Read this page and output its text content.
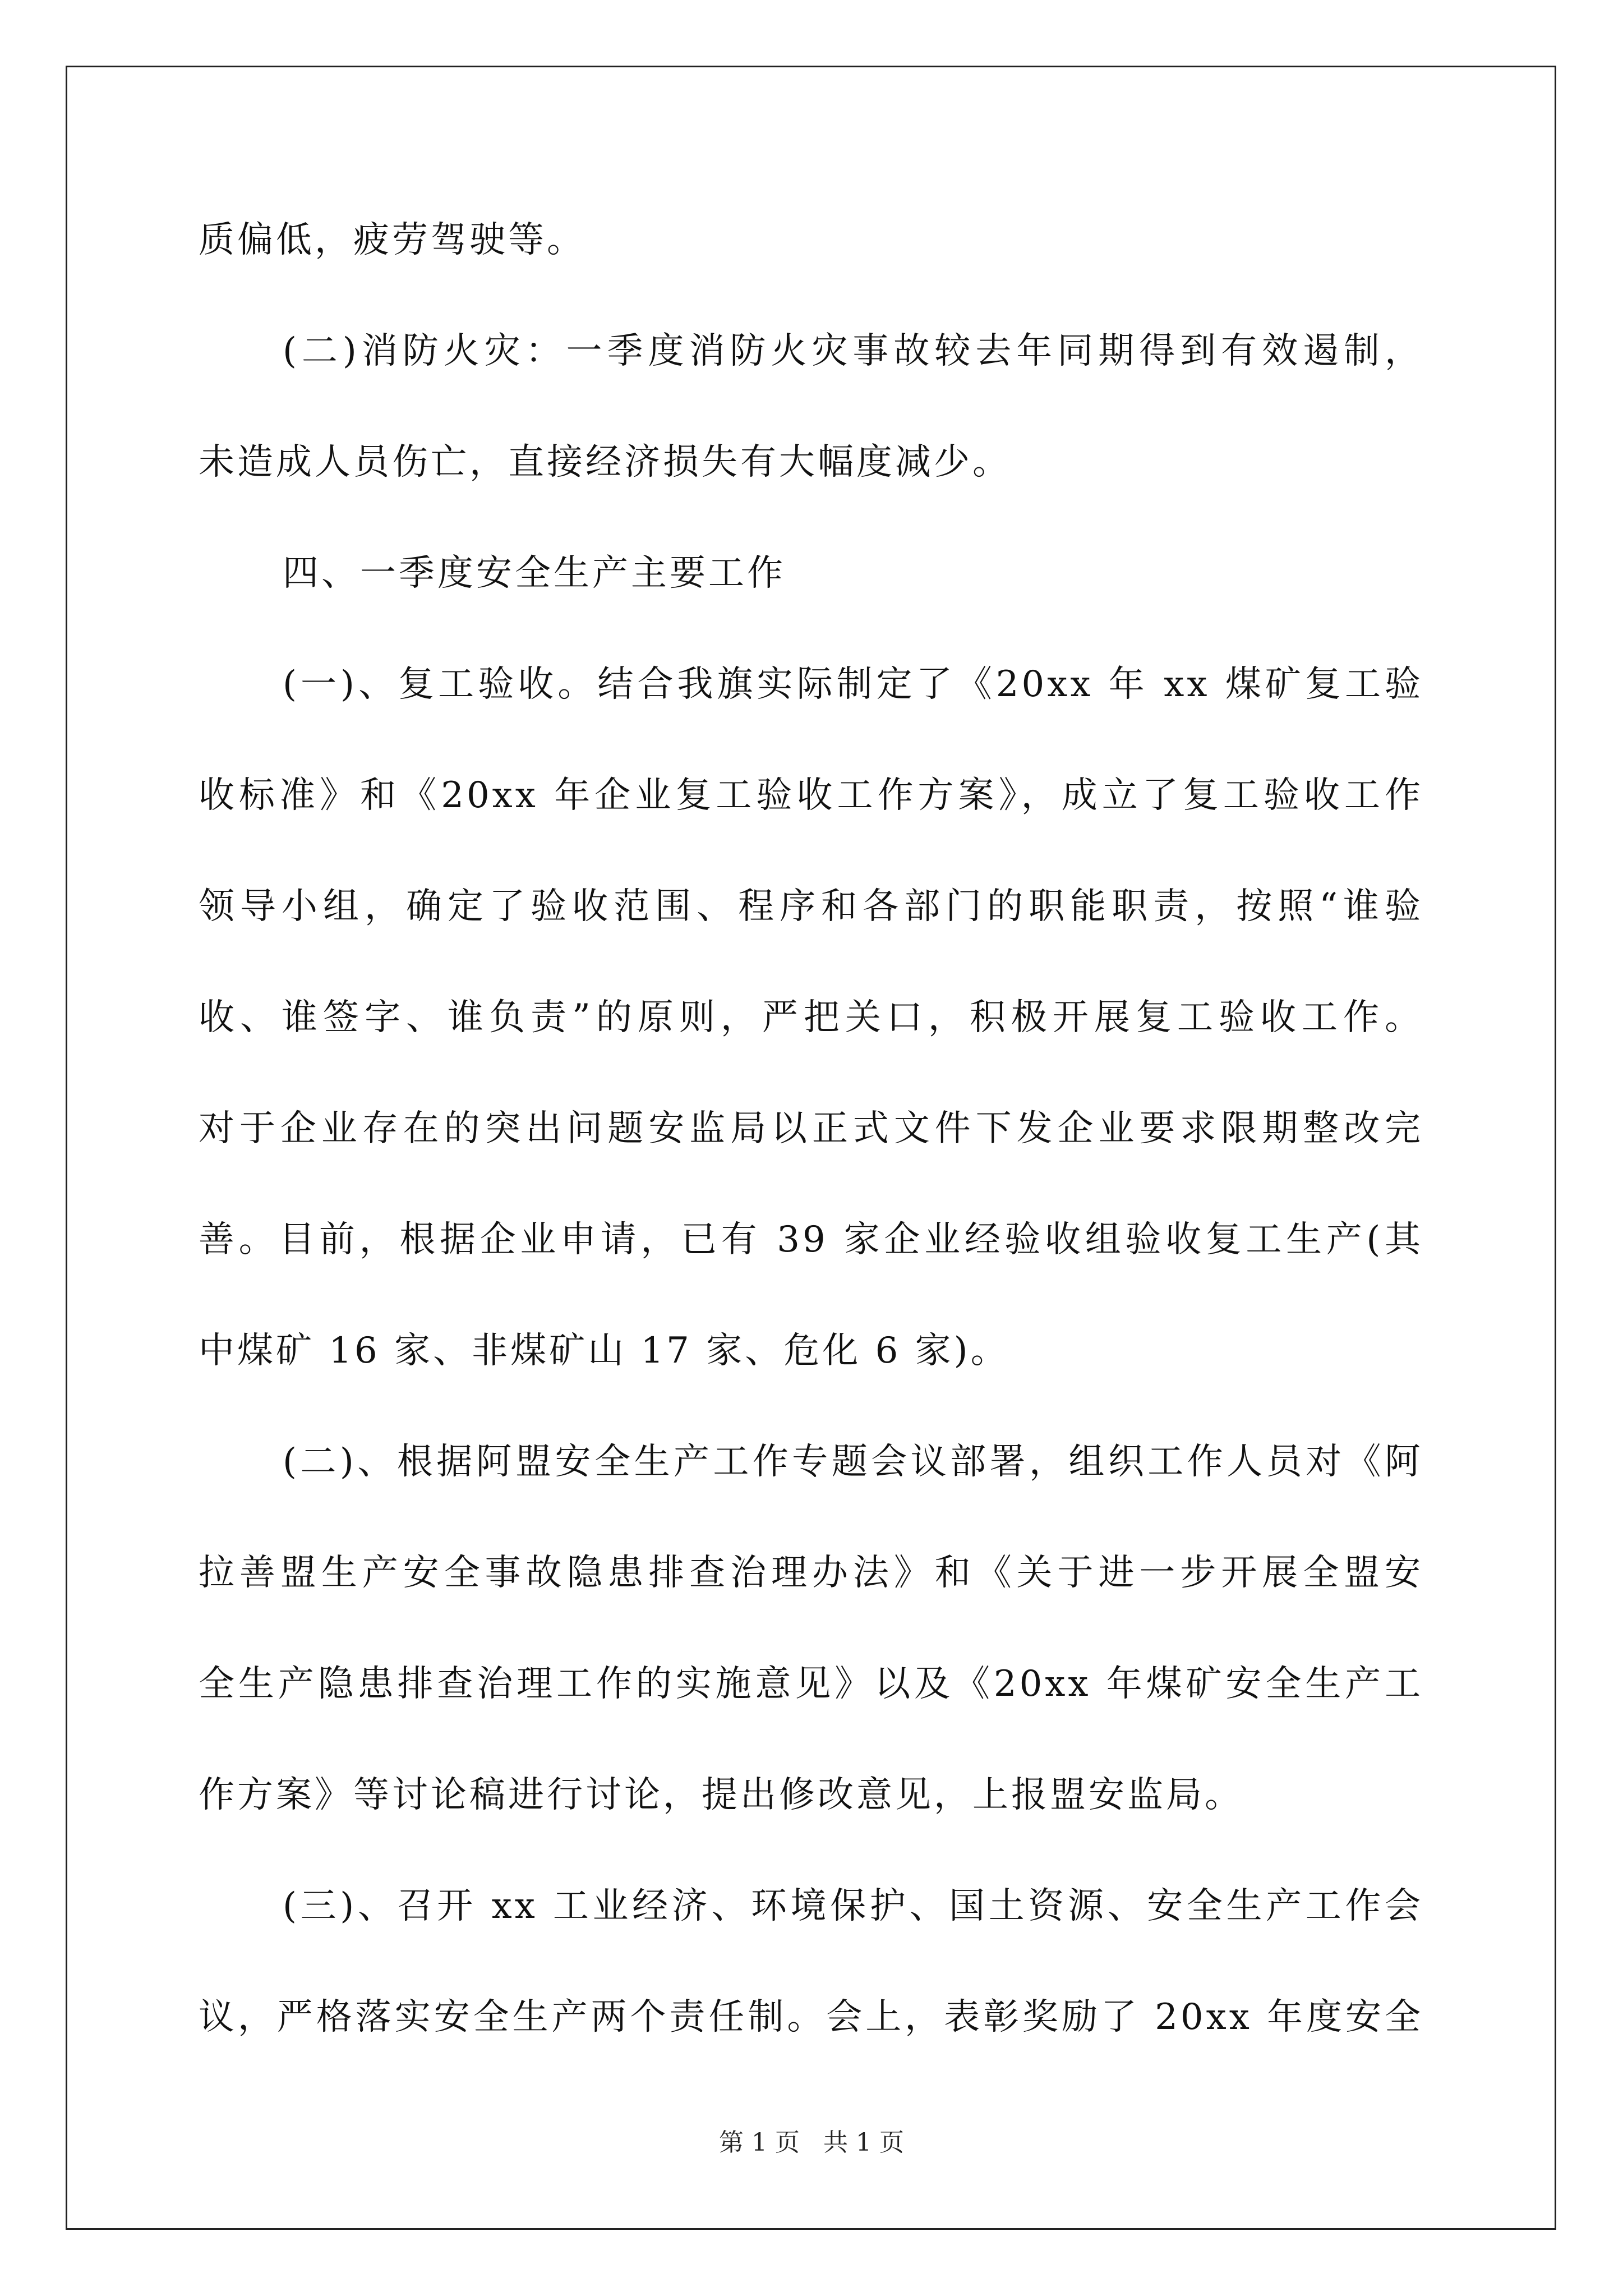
质偏低，疲劳驾驶等。
(二)消防火灾：一季度消防火灾事故较去年同期得到有效遏制，
未造成人员伤亡，直接经济损失有大幅度减少。
四、一季度安全生产主要工作
(一)、复工验收。结合我旗实际制定了《20xx 年 xx 煤矿复工验
收标准》和《20xx 年企业复工验收工作方案》，成立了复工验收工作
领导小组，确定了验收范围、程序和各部门的职能职责，按照“谁验
收、谁签字、谁负责”的原则，严把关口，积极开展复工验收工作。
对于企业存在的突出问题安监局以正式文件下发企业要求限期整改完
善。目前，根据企业申请，已有 39 家企业经验收组验收复工生产(其
中煤矿 16 家、非煤矿山 17 家、危化 6 家)。
(二)、根据阿盟安全生产工作专题会议部署，组织工作人员对《阿
拉善盟生产安全事故隐患排查治理办法》和《关于进一步开展全盟安
全生产隐患排查治理工作的实施意见》以及《20xx 年煤矿安全生产工
作方案》等讨论稿进行讨论，提出修改意见，上报盟安监局。
(三)、召开 xx 工业经济、环境保护、国土资源、安全生产工作会
议，严格落实安全生产两个责任制。会上，表彰奖励了 20xx 年度安全
第 1 页 共 1 页
